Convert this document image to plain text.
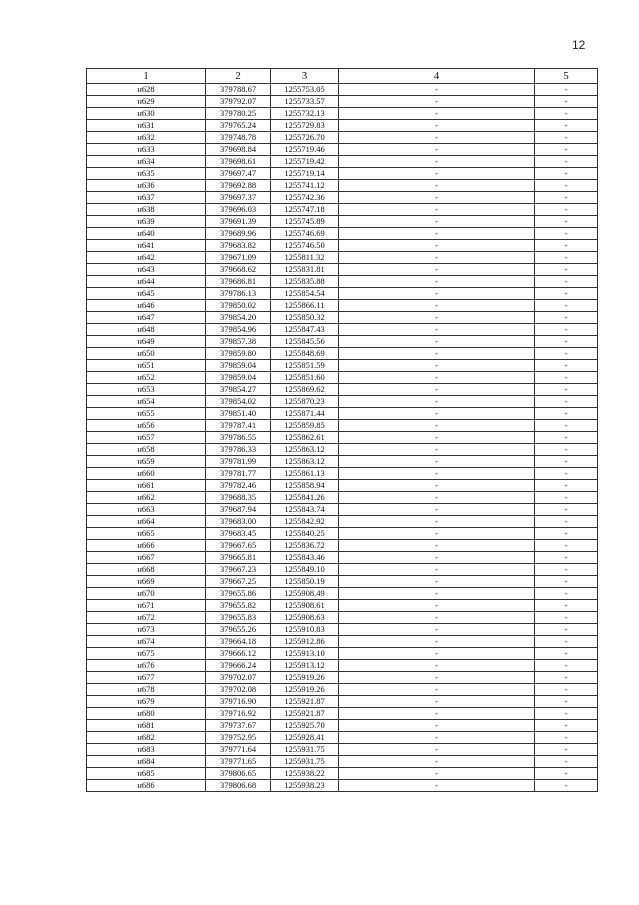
12
1	2	3	4	5
н628	379788.67	1255753.05	-	-
н629	379792.07	1255733.57	-	-
н630	379780.25	1255732.13	-	-
н631	379765.24	1255729.83	-	-
н632	379748.78	1255726.70	-	-
н633	379698.84	1255719.46	-	-
н634	379698.61	1255719.42	-	-
н635	379697.47	1255719.14	-	-
н636	379692.88	1255741.12	-	-
н637	379697.37	1255742.36	-	-
н638	379696.03	1255747.18	-	-
н639	379691.39	1255745.89	-	-
н640	379689.96	1255746.69	-	-
н641	379683.82	1255746.50	-	-
н642	379671.09	1255811.32	-	-
н643	379668.62	1255831.81	-	-
н644	379686.81	1255835.88	-	-
н645	379786.13	1255854.54	-	-
н646	379850.02	1255866.11	-	-
н647	379854.20	1255850.32	-	-
н648	379854.96	1255847.43	-	-
н649	379857.38	1255845.56	-	-
н650	379859.80	1255848.69	-	-
н651	379859.04	1255851.59	-	-
н652	379859.04	1255851.60	-	-
н653	379854.27	1255869.62	-	-
н654	379854.02	1255870.23	-	-
н655	379851.40	1255871.44	-	-
н656	379787.41	1255859.85	-	-
н657	379786.55	1255862.61	-	-
н658	379786.33	1255863.12	-	-
н659	379781.99	1255863.12	-	-
н660	379781.77	1255861.13	-	-
н661	379782.46	1255858.94	-	-
н662	379688.35	1255841.26	-	-
н663	379687.94	1255843.74	-	-
н664	379683.00	1255842.92	-	-
н665	379683.45	1255840.25	-	-
н666	379667.65	1255836.72	-	-
н667	379665.81	1255843.46	-	-
н668	379667.23	1255849.10	-	-
н669	379667.25	1255850.19	-	-
н670	379655.86	1255908.49	-	-
н671	379655.82	1255908.61	-	-
н672	379655.83	1255908.63	-	-
н673	379655.26	1255910.83	-	-
н674	379664.18	1255912.86	-	-
н675	379666.12	1255913.10	-	-
н676	379666.24	1255913.12	-	-
н677	379702.07	1255919.26	-	-
н678	379702.08	1255919.26	-	-
н679	379716.90	1255921.87	-	-
н680	379716.92	1255921.87	-	-
н681	379737.67	1255925.70	-	-
н682	379752.95	1255928.41	-	-
н683	379771.64	1255931.75	-	-
н684	379771.65	1255931.75	-	-
н685	379806.65	1255938.22	-	-
н686	379806.68	1255938.23	-	-
